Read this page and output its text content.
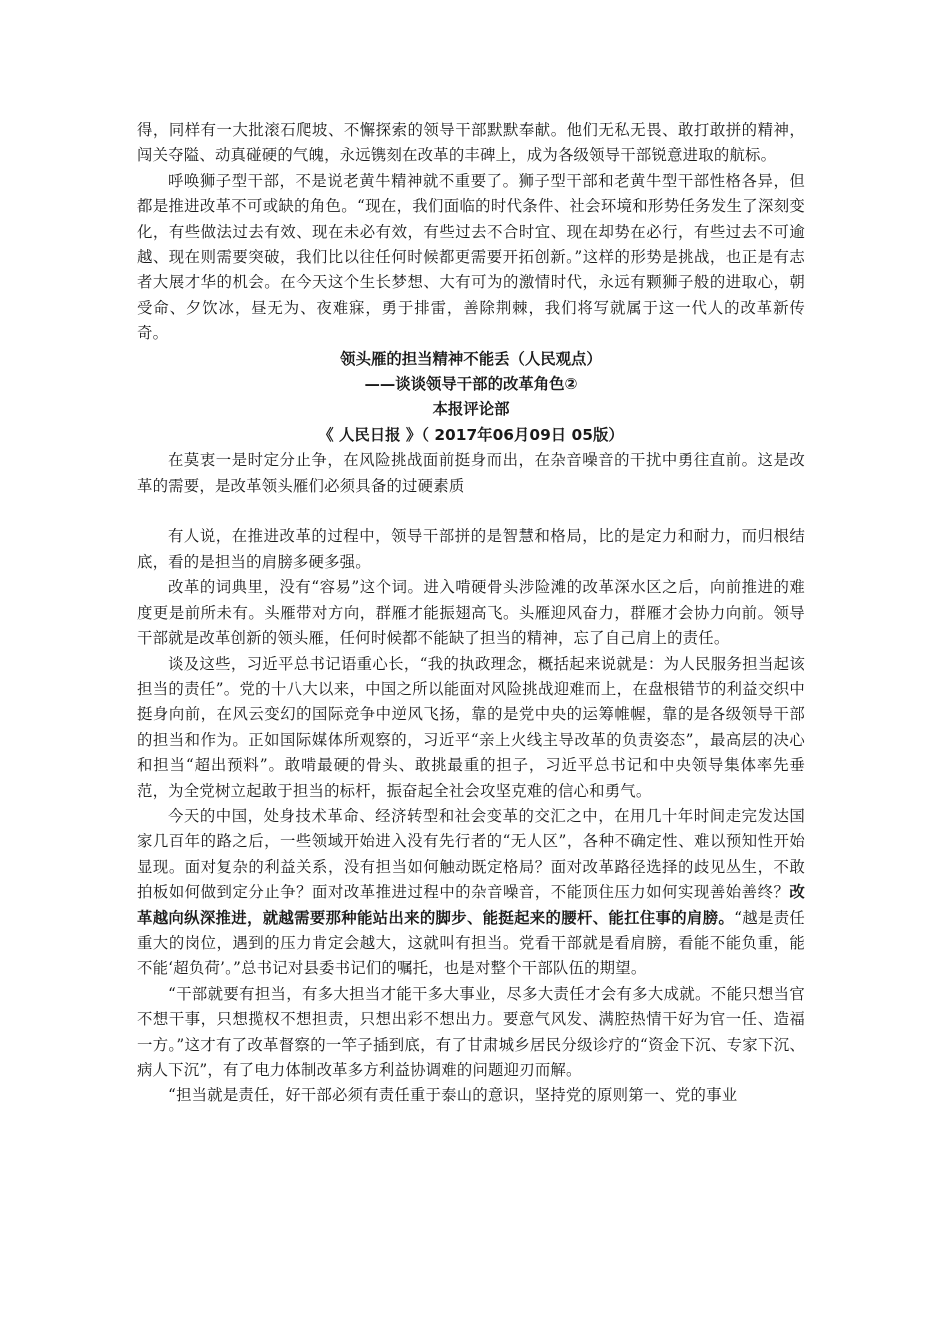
得，同样有一大批滚石爬坡、不懈探索的领导干部默默奉献。他们无私无畏、敢打敢拼的精神，闯关夺隘、动真碰硬的气魄，永远镌刻在改革的丰碑上，成为各级领导干部锐意进取的航标。

呼唤狮子型干部，不是说老黄牛精神就不重要了。狮子型干部和老黄牛型干部性格各异，但都是推进改革不可或缺的角色。“现在，我们面临的时代条件、社会环境和形势任务发生了深刻变化，有些做法过去有效、现在未必有效，有些过去不合时宜、现在却势在必行，有些过去不可逾越、现在则需要突破，我们比以往任何时候都更需要开拓创新。”这样的形势是挑战，也正是有志者大展才华的机会。在今天这个生长梦想、大有可为的激情时代，永远有颗狮子般的进取心，朝受命、夕饮冰，昼无为、夜难寐，勇于排雷，善除荆棘，我们将写就属于这一代人的改革新传奇。

领头雁的担当精神不能丢（人民观点）
——谈谈领导干部的改革角色②
本报评论部
《 人民日报 》（ 2017年06月09日 05版）

在莫衷一是时定分止争，在风险挑战面前挺身而出，在杂音噪音的干扰中勇往直前。这是改革的需要，是改革领头雁们必须具备的过硬素质

有人说，在推进改革的过程中，领导干部拼的是智慧和格局，比的是定力和耐力，而归根结底，看的是担当的肩膀多硬多强。

改革的词典里，没有“容易”这个词。进入啃硬骨头涉险滩的改革深水区之后，向前推进的难度更是前所未有。头雁带对方向，群雁才能振翅高飞。头雁迎风奋力，群雁才会协力向前。领导干部就是改革创新的领头雁，任何时候都不能缺了担当的精神，忘了自己肩上的责任。

谈及这些，习近平总书记语重心长，“我的执政理念，概括起来说就是：为人民服务担当起该担当的责任”。党的十八大以来，中国之所以能面对风险挑战迎难而上，在盘根错节的利益交织中挺身向前，在风云变幻的国际竞争中逆风飞扬，靠的是党中央的运筹帷幄，靠的是各级领导干部的担当和作为。正如国际媒体所观察的，习近平“亲上火线主导改革的负责姿态”，最高层的决心和担当“超出预料”。敢啃最硬的骨头、敢挑最重的担子，习近平总书记和中央领导集体率先垂范，为全党树立起敢于担当的标杆，振奋起全社会攻坚克难的信心和勇气。

今天的中国，处身技术革命、经济转型和社会变革的交汇之中，在用几十年时间走完发达国家几百年的路之后，一些领域开始进入没有先行者的“无人区”，各种不确定性、难以预知性开始显现。面对复杂的利益关系，没有担当如何触动既定格局？面对改革路径选择的歧见丛生，不敢拍板如何做到定分止争？面对改革推进过程中的杂音噪音，不能顶住压力如何实现善始善终？改革越向纵深推进，就越需要那种能站出来的脚步、能挺起来的腰杆、能扛住事的肩膀。“越是责任重大的岗位，遇到的压力肯定会越大，这就叫有担当。党看干部就是看肩膀，看能不能负重，能不能‘超负荷’。”总书记对县委书记们的嘱托，也是对整个干部队伍的期望。

“干部就要有担当，有多大担当才能干多大事业，尽多大责任才会有多大成就。不能只想当官不想干事，只想揽权不想担责，只想出彩不想出力。要意气风发、满腔热情干好为官一任、造福一方。”这才有了改革督察的一竿子插到底，有了甘肃城乡居民分级诊疗的“资金下沉、专家下沉、病人下沉”，有了电力体制改革多方利益协调难的问题迎刃而解。

“担当就是责任，好干部必须有责任重于泰山的意识，坚持党的原则第一、党的事业
